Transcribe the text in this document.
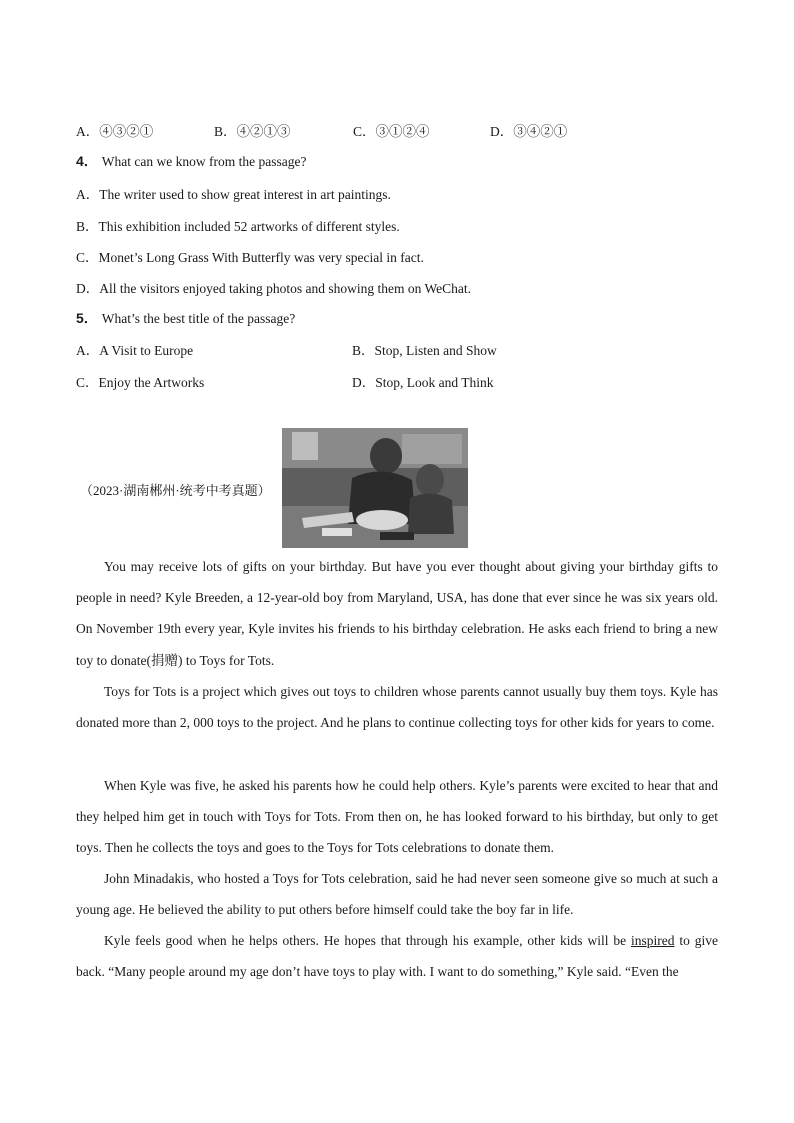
A．④③②①	B．④②①③	C．③①②④	D．③④②①
4． What can we know from the passage?
A．The writer used to show great interest in art paintings.
B．This exhibition included 52 artworks of different styles.
C．Monet’s Long Grass With Butterfly was very special in fact.
D．All the visitors enjoyed taking photos and showing them on WeChat.
5． What’s the best title of the passage?
A．A Visit to Europe	B．Stop, Listen and Show
C．Enjoy the Artworks	D．Stop, Look and Think
（2023·湖南郴州·统考中考真题）
You may receive lots of gifts on your birthday. But have you ever thought about giving your birthday gifts to people in need? Kyle Breeden, a 12-year-old boy from Maryland, USA, has done that ever since he was six years old. On November 19th every year, Kyle invites his friends to his birthday celebration. He asks each friend to bring a new toy to donate(捐赠) to Toys for Tots.
Toys for Tots is a project which gives out toys to children whose parents cannot usually buy them toys. Kyle has donated more than 2, 000 toys to the project. And he plans to continue collecting toys for other kids for years to come.
When Kyle was five, he asked his parents how he could help others. Kyle’s parents were excited to hear that and they helped him get in touch with Toys for Tots. From then on, he has looked forward to his birthday, but only to get toys. Then he collects the toys and goes to the Toys for Tots celebrations to donate them.
John Minadakis, who hosted a Toys for Tots celebration, said he had never seen someone give so much at such a young age. He believed the ability to put others before himself could take the boy far in life.
Kyle feels good when he helps others. He hopes that through his example, other kids will be inspired to give back. “Many people around my age don’t have toys to play with. I want to do something,” Kyle said. “Even the
